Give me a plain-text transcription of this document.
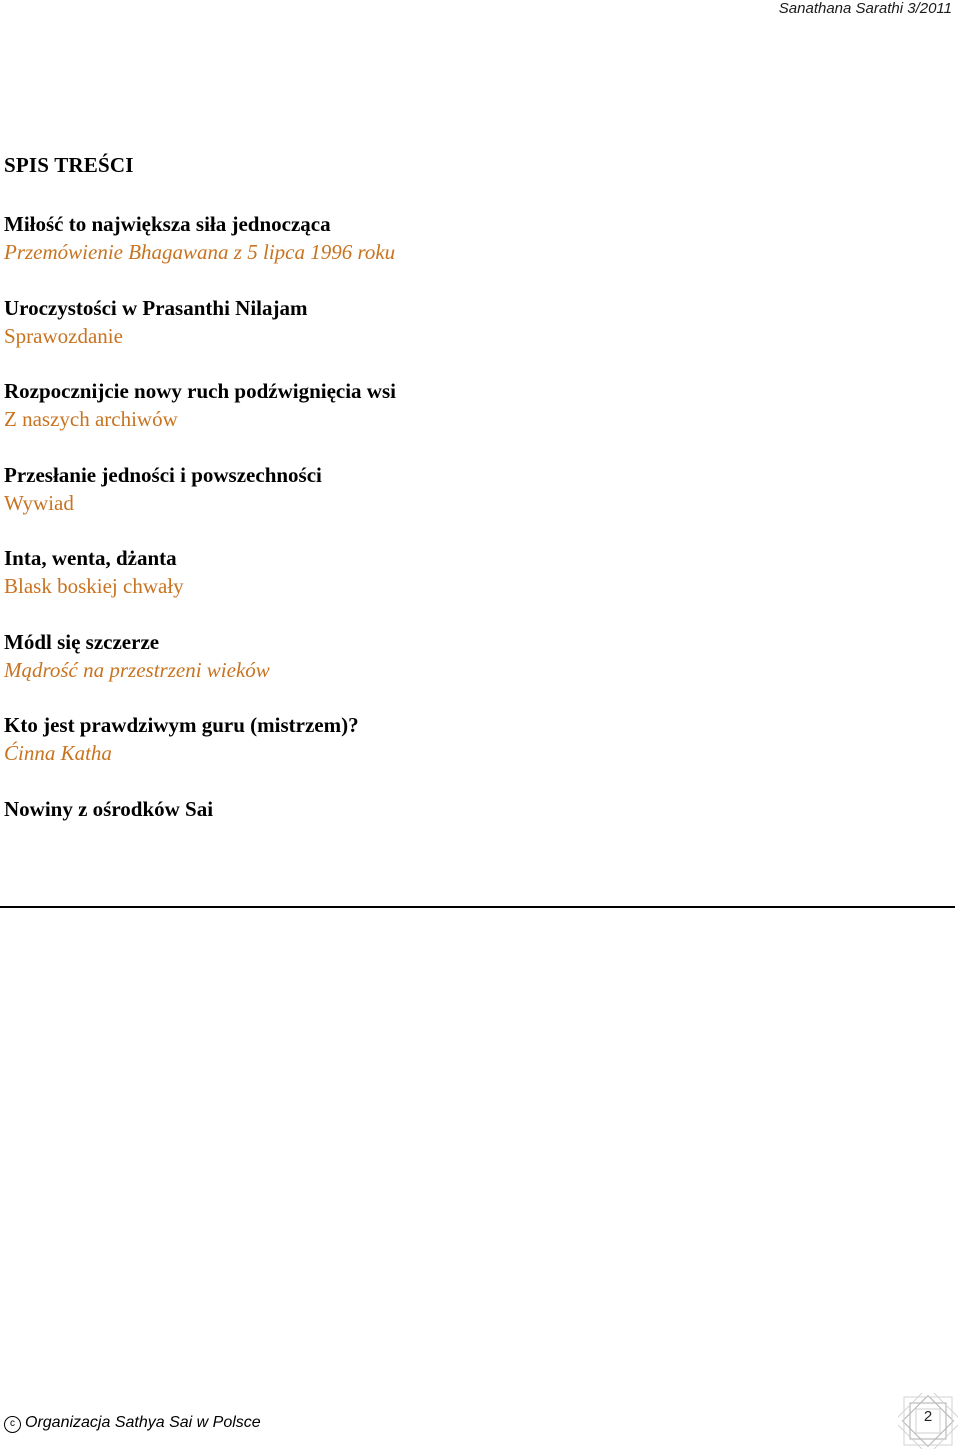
Sanathana Sarathi 3/2011
SPIS TREŚCI
Miłość to największa siła jednocząca
Przemówienie Bhagawana z 5 lipca 1996 roku
Uroczystości w Prasanthi Nilajam
Sprawozdanie
Rozpocznijcie nowy ruch podźwignięcia wsi
Z naszych archiwów
Przesłanie jedności i powszechności
Wywiad
Inta, wenta, dżanta
Blask boskiej chwały
Módl się szczerze
Mądrość na przestrzeni wieków
Kto jest prawdziwym guru (mistrzem)?
Ćinna Katha
Nowiny z ośrodków Sai
c Organizacja Sathya Sai w Polsce	2
